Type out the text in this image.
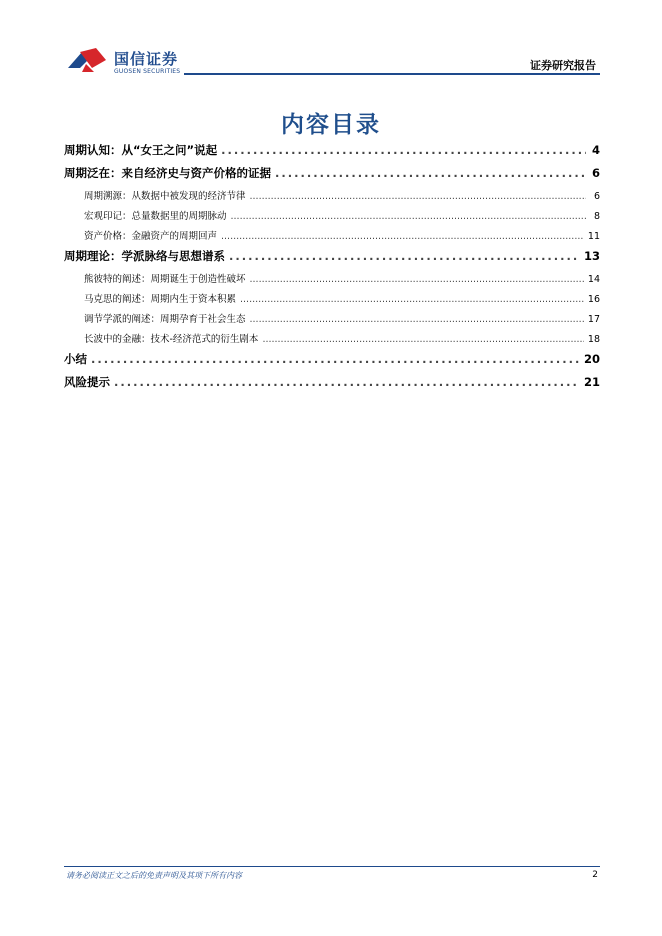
国信证券
GUOSEN SECURITIES	证券研究报告
内容目录
周期认知：从“女王之问”说起 .....	4
周期泛在：来自经济史与资产价格的证据 .....	6
周期溯源：从数据中被发现的经济节律 .....	6
宏观印记：总量数据里的周期脉动 .....	8
资产价格：金融资产的周期回声 .....	11
周期理论：学派脉络与思想谱系 .....	13
熊彼特的阐述：周期诞生于创造性破坏 .....	14
马克思的阐述：周期内生于资本积累 .....	16
调节学派的阐述：周期孕育于社会生态 .....	17
长波中的金融：技术-经济范式的衍生剧本 .....	18
小结 .....	20
风险提示 .....	21
请务必阅读正文之后的免责声明及其项下所有内容	2
